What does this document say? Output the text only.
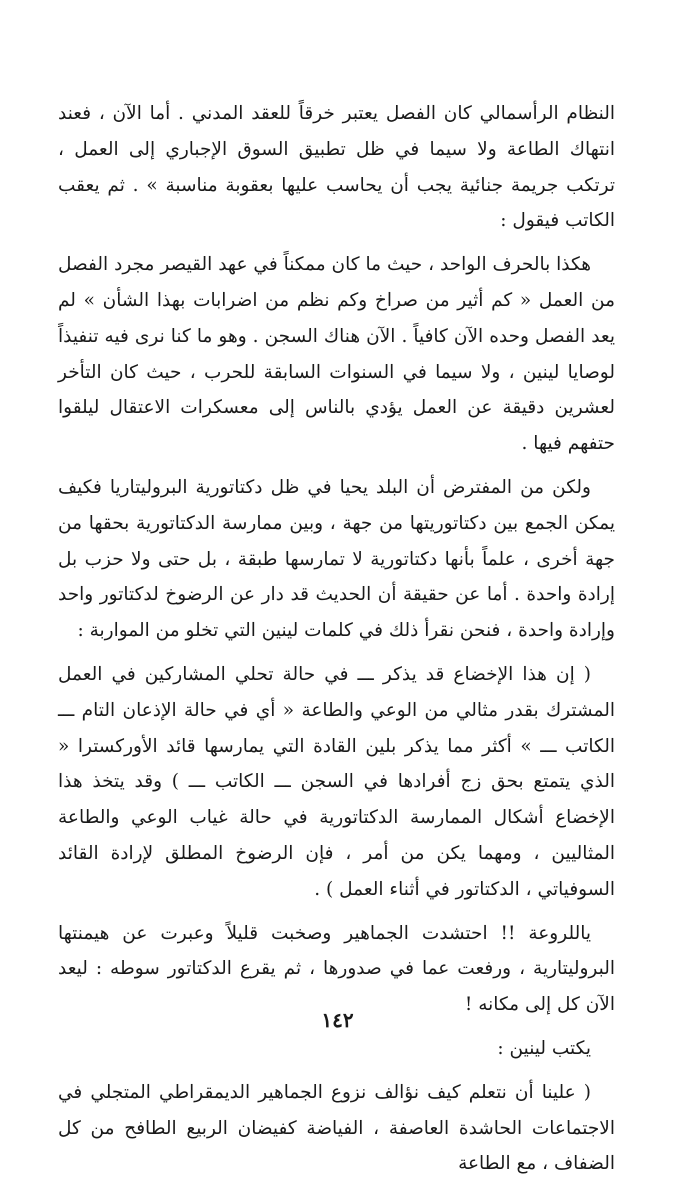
النظام الرأسمالي كان الفصل يعتبر خرقاً للعقد المدني . أما الآن ، فعند انتهاك الطاعة ولا سيما في ظل تطبيق السوق الإجباري إلى العمل ، ترتكب جريمة جنائية يجب أن يحاسب عليها بعقوبة مناسبة » . ثم يعقب الكاتب فيقول :

هكذا بالحرف الواحد ، حيث ما كان ممكناً في عهد القيصر مجرد الفصل من العمل « كم أثير من صراخ وكم نظم من اضرابات بهذا الشأن » لم يعد الفصل وحده الآن كافياً . الآن هناك السجن . وهو ما كنا نرى فيه تنفيذاً لوصايا لينين ، ولا سيما في السنوات السابقة للحرب ، حيث كان التأخر لعشرين دقيقة عن العمل يؤدي بالناس إلى معسكرات الاعتقال ليلقوا حتفهم فيها .

ولكن من المفترض أن البلد يحيا في ظل دكتاتورية البروليتاريا فكيف يمكن الجمع بين دكتاتوريتها من جهة ، وبين ممارسة الدكتاتورية بحقها من جهة أخرى ، علماً بأنها دكتاتورية لا تمارسها طبقة ، بل حتى ولا حزب بل إرادة واحدة . أما عن حقيقة أن الحديث قد دار عن الرضوخ لدكتاتور واحد وإرادة واحدة ، فنحن نقرأ ذلك في كلمات لينين التي تخلو من المواربة :

( إن هذا الإخضاع قد يذكر ـــ في حالة تحلي المشاركين في العمل المشترك بقدر مثالي من الوعي والطاعة « أي في حالة الإذعان التام ـــ الكاتب ـــ » أكثر مما يذكر بلين القادة التي يمارسها قائد الأوركسترا « الذي يتمتع بحق زج أفرادها في السجن ـــ الكاتب ـــ ) وقد يتخذ هذا الإخضاع أشكال الممارسة الدكتاتورية في حالة غياب الوعي والطاعة المثاليين ، ومهما يكن من أمر ، فإن الرضوخ المطلق لإرادة القائد السوفياتي ، الدكتاتور في أثناء العمل ) .

ياللروعة !! احتشدت الجماهير وصخبت قليلاً وعبرت عن هيمنتها البروليتارية ، ورفعت عما في صدورها ، ثم يقرع الدكتاتور سوطه : ليعد الآن كل إلى مكانه !

يكتب لينين :

( علينا أن نتعلم كيف نؤالف نزوع الجماهير الديمقراطي المتجلي في الاجتماعات الحاشدة العاصفة ، الفياضة كفيضان الربيع الطافح من كل الضفاف ، مع الطاعة

١٤٢
